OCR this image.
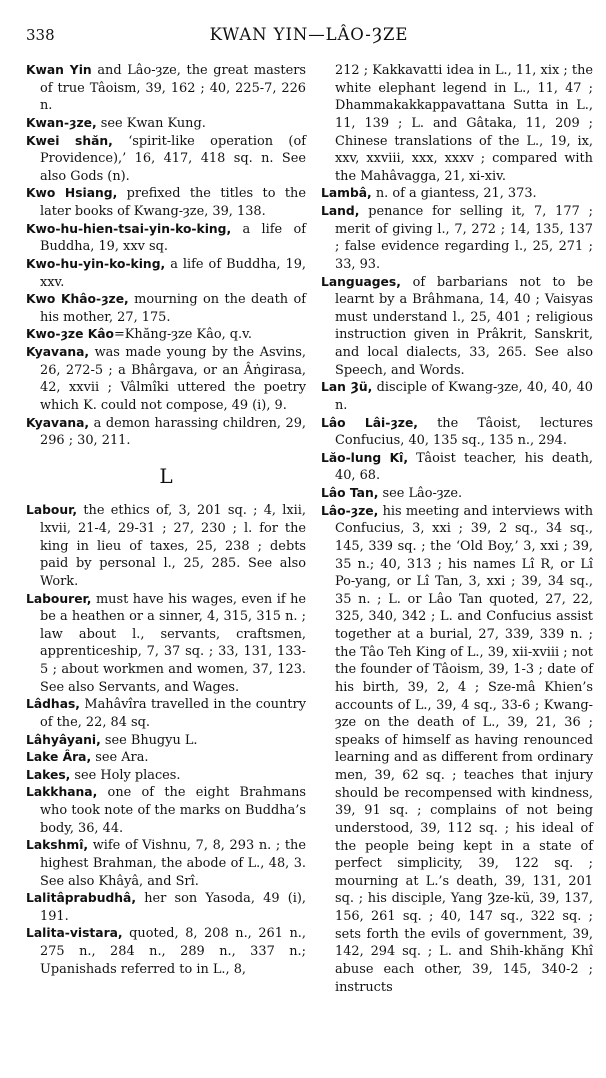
338	KWAN YIN—LÂO-ȜZE

Kwan Yin and Lâo-ȝze, the great masters of true Tâoism, 39, 162 ; 40, 225-7, 226 n.

Kwan-ȝze, see Kwan Kung.

Kwei shăn, ‘spirit-like operation (of Providence),’ 16, 417, 418 sq. n. See also Gods (n).

Kwo Hsiang, prefixed the titles to the later books of Kwang-ȝze, 39, 138.

Kwo-hu-hien-tsai-yin-ko-king, a life of Buddha, 19, xxv sq.

Kwo-hu-yin-ko-king, a life of Buddha, 19, xxv.

Kwo Khâo-ȝze, mourning on the death of his mother, 27, 175.

Kwo-ȝze Kâo=Khăng-ȝze Kâo, q.v.

Kyavana, was made young by the Asvins, 26, 272-5 ; a Bhârgava, or an Âṅgirasa, 42, xxvii ; Vâlmîki uttered the poetry which K. could not compose, 49 (i), 9.

Kyavana, a demon harassing children, 29, 296 ; 30, 211.

L

Labour, the ethics of, 3, 201 sq. ; 4, lxii, lxvii, 21-4, 29-31 ; 27, 230 ; l. for the king in lieu of taxes, 25, 238 ; debts paid by personal l., 25, 285. See also Work.

Labourer, must have his wages, even if he be a heathen or a sinner, 4, 315, 315 n. ; law about l., servants, craftsmen, apprenticeship, 7, 37 sq. ; 33, 131, 133-5 ; about workmen and women, 37, 123. See also Servants, and Wages.

Lâdhas, Mahâvîra travelled in the country of the, 22, 84 sq.

Lâhyâyani, see Bhugyu L.

Lake Âra, see Ara.

Lakes, see Holy places.

Lakkhana, one of the eight Brahmans who took note of the marks on Buddha’s body, 36, 44.

Lakshmî, wife of Vishnu, 7, 8, 293 n. ; the highest Brahman, the abode of L., 48, 3. See also Khâyâ, and Srî.

Lalitâprabudhâ, her son Yasoda, 49 (i), 191.

Lalita-vistara, quoted, 8, 208 n., 261 n., 275 n., 284 n., 289 n., 337 n.; Upanishads referred to in L., 8,

212 ; Kakkavatti idea in L., 11, xix ; the white elephant legend in L., 11, 47 ; Dhammakakkappavattana Sutta in L., 11, 139 ; L. and Gâtaka, 11, 209 ; Chinese translations of the L., 19, ix, xxv, xxviii, xxx, xxxv ; compared with the Mahâvagga, 21, xi-xiv.

Lambâ, n. of a giantess, 21, 373.

Land, penance for selling it, 7, 177 ; merit of giving l., 7, 272 ; 14, 135, 137 ; false evidence regarding l., 25, 271 ; 33, 93.

Languages, of barbarians not to be learnt by a Brâhmana, 14, 40 ; Vaisyas must understand l., 25, 401 ; religious instruction given in Prâkrit, Sanskrit, and local dialects, 33, 265. See also Speech, and Words.

Lan Ȝü, disciple of Kwang-ȝze, 40, 40, 40 n.

Lâo Lâi-ȝze, the Tâoist, lectures Confucius, 40, 135 sq., 135 n., 294.

Lăo-lung Kî, Tâoist teacher, his death, 40, 68.

Lâo Tan, see Lâo-ȝze.

Lâo-ȝze, his meeting and interviews with Confucius, 3, xxi ; 39, 2 sq., 34 sq., 145, 339 sq. ; the ‘Old Boy,’ 3, xxi ; 39, 35 n.; 40, 313 ; his names Lî R, or Lî Po-yang, or Lî Tan, 3, xxi ; 39, 34 sq., 35 n. ; L. or Lâo Tan quoted, 27, 22, 325, 340, 342 ; L. and Confucius assist together at a burial, 27, 339, 339 n. ; the Tâo Teh King of L., 39, xii-xviii ; not the founder of Tâoism, 39, 1-3 ; date of his birth, 39, 2, 4 ; Sze-mâ Khien’s accounts of L., 39, 4 sq., 33-6 ; Kwang-ȝze on the death of L., 39, 21, 36 ; speaks of himself as having renounced learning and as different from ordinary men, 39, 62 sq. ; teaches that injury should be recompensed with kindness, 39, 91 sq. ; complains of not being understood, 39, 112 sq. ; his ideal of the people being kept in a state of perfect simplicity, 39, 122 sq. ; mourning at L.’s death, 39, 131, 201 sq. ; his disciple, Yang Ȝze-kü, 39, 137, 156, 261 sq. ; 40, 147 sq., 322 sq. ; sets forth the evils of government, 39, 142, 294 sq. ; L. and Shih-khăng Khî abuse each other, 39, 145, 340-2 ; instructs
